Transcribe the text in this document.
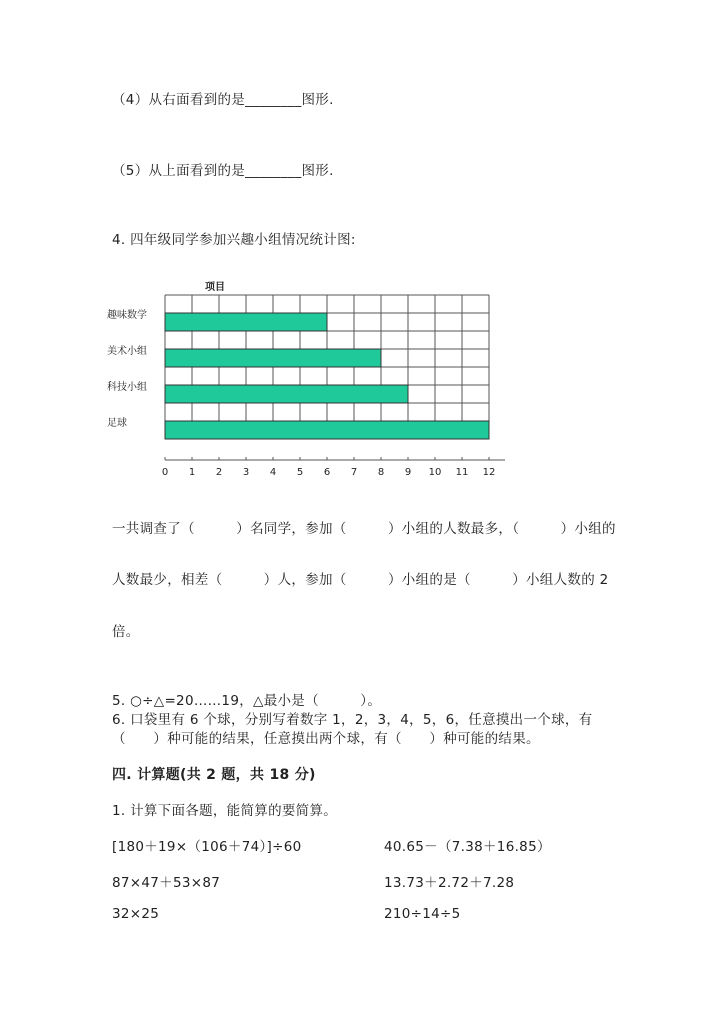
（4）从右面看到的是________图形.
（5）从上面看到的是________图形.
4. 四年级同学参加兴趣小组情况统计图:
0 1 2 3 4 5 6 7 8 9 10 11 12
项目
趣味数学
美术小组
科技小组
足球
一共调查了（　　　）名同学，参加（　　　）小组的人数最多，（　　　）小组的
人数最少，相差（　　　）人，参加（　　　）小组的是（　　　）小组人数的 2
倍。
5. ○÷△=20……19，△最小是（　　　）。
6. 口袋里有 6 个球，分别写着数字 1，2，3，4，5，6，任意摸出一个球，有
（　　）种可能的结果，任意摸出两个球，有（　　）种可能的结果。
四. 计算题(共 2 题，共 18 分)
1. 计算下面各题，能简算的要简算。
[180＋19×（106＋74）]÷60	40.65－（7.38＋16.85）
87×47＋53×87	13.73＋2.72＋7.28
32×25	210÷14÷5
